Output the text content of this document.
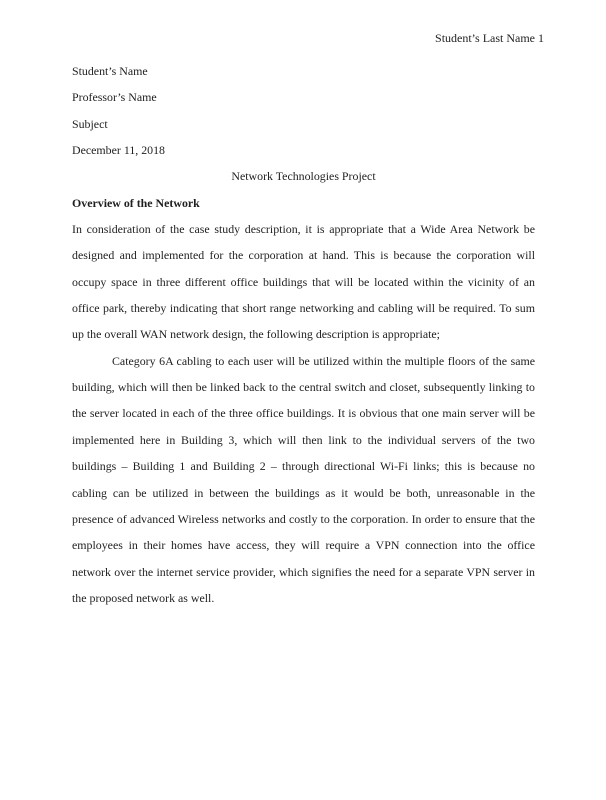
Student’s Last Name 1

Student’s Name

Professor’s Name

Subject

December 11, 2018

Network Technologies Project

Overview of the Network

In consideration of the case study description, it is appropriate that a Wide Area Network be designed and implemented for the corporation at hand. This is because the corporation will occupy space in three different office buildings that will be located within the vicinity of an office park, thereby indicating that short range networking and cabling will be required. To sum up the overall WAN network design, the following description is appropriate;

Category 6A cabling to each user will be utilized within the multiple floors of the same building, which will then be linked back to the central switch and closet, subsequently linking to the server located in each of the three office buildings. It is obvious that one main server will be implemented here in Building 3, which will then link to the individual servers of the two buildings – Building 1 and Building 2 – through directional Wi-Fi links; this is because no cabling can be utilized in between the buildings as it would be both, unreasonable in the presence of advanced Wireless networks and costly to the corporation. In order to ensure that the employees in their homes have access, they will require a VPN connection into the office network over the internet service provider, which signifies the need for a separate VPN server in the proposed network as well.
